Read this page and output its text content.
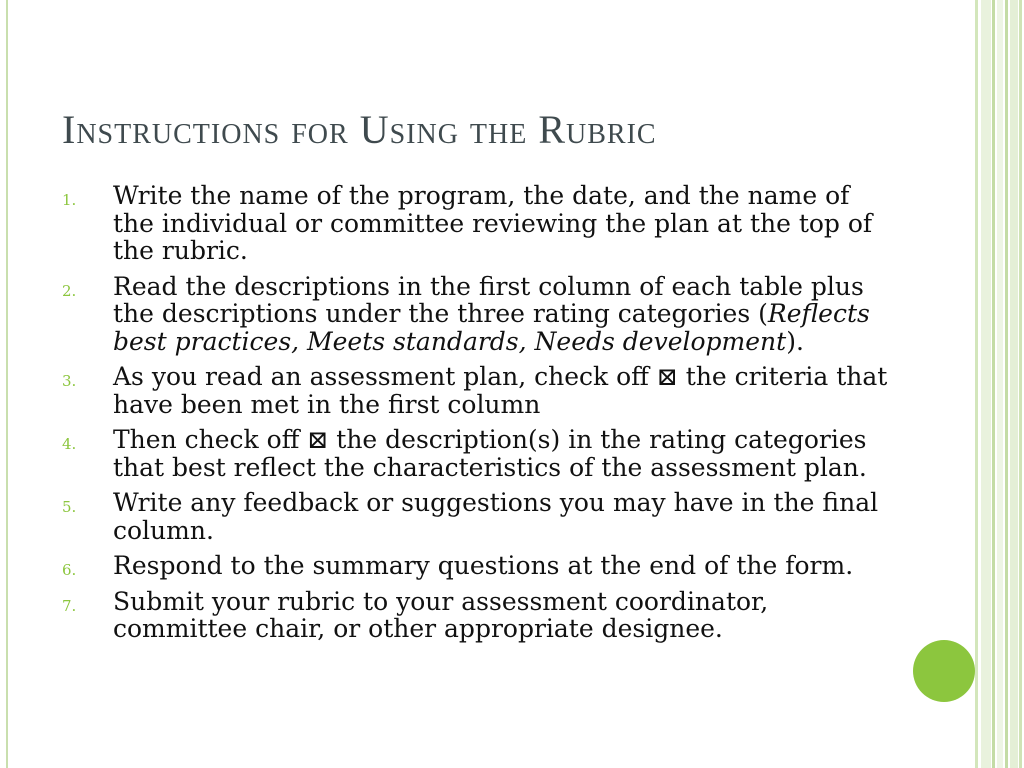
Instructions for Using the Rubric
1.	Write the name of the program, the date, and the name of the individual or committee reviewing the plan at the top of the rubric.
2.	Read the descriptions in the first column of each table plus the descriptions under the three rating categories (Reflects best practices, Meets standards, Needs development).
3.	As you read an assessment plan, check off ⊠ the criteria that have been met in the first column
4.	Then check off ⊠ the description(s) in the rating categories that best reflect the characteristics of the assessment plan.
5.	Write any feedback or suggestions you may have in the final column.
6.	Respond to the summary questions at the end of the form.
7.	Submit your rubric to your assessment coordinator, committee chair, or other appropriate designee.
